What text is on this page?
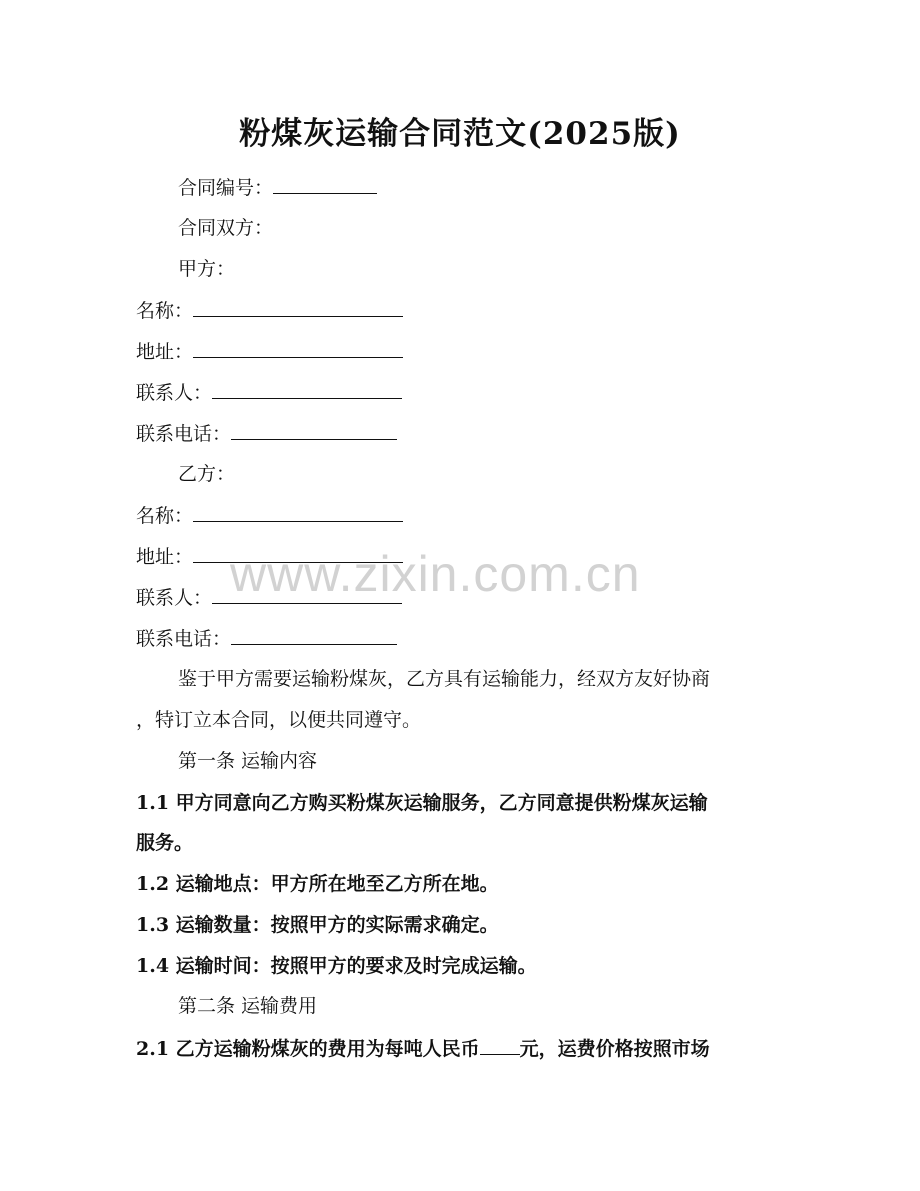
粉煤灰运输合同范文(2025版)

合同编号：

合同双方：

甲方：

名称：

地址：

联系人：

联系电话：

乙方：

名称：

地址：

联系人：

联系电话：

鉴于甲方需要运输粉煤灰，乙方具有运输能力，经双方友好协商

，特订立本合同，以便共同遵守。

第一条 运输内容

1.1 甲方同意向乙方购买粉煤灰运输服务，乙方同意提供粉煤灰运输

服务。

1.2 运输地点：甲方所在地至乙方所在地。

1.3 运输数量：按照甲方的实际需求确定。

1.4 运输时间：按照甲方的要求及时完成运输。

第二条 运输费用

2.1 乙方运输粉煤灰的费用为每吨人民币 元，运费价格按照市场

www.zixin.com.cn
